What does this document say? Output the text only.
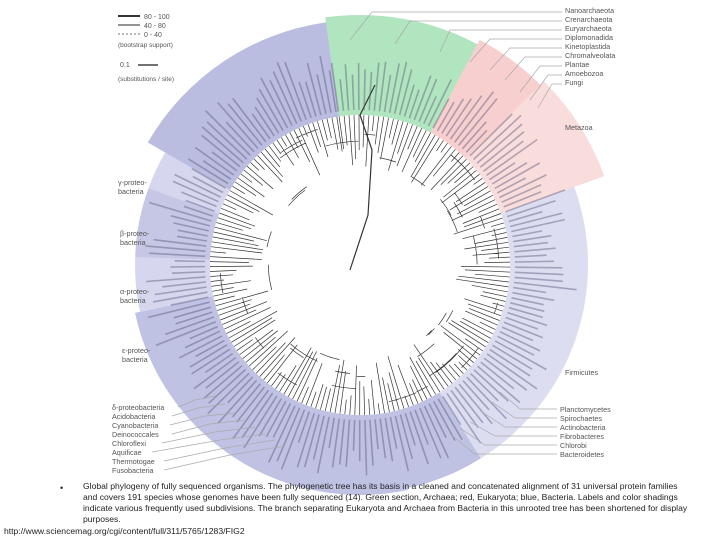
80 - 100
40 - 80
0 - 40
(bootstrap support)
0.1
(substitutions / site)
Nanoarchaeota
Crenarchaeota
Euryarchaeota
Diplomonadida
Kinetoplastida
Chromalveolata
Plantae
Amoebozoa
Fungi
Metazoa
Firmicutes
Planctomycetes
Spirochaetes
Actinobacteria
Fibrobacteres
Chlorobi
Bacteroidetes
δ-proteobacteria
Acidobacteria
Cyanobacteria
Deinococcales
Chloroflexi
Aquificae
Thermotogae
Fusobacteria
γ-proteo-
bacteria
β-proteo-
bacteria
α-proteo-
bacteria
ε-proteo-
bacteria
• Global phylogeny of fully sequenced organisms. The phylogenetic tree has its basis in a cleaned and concatenated alignment of 31 universal protein families and covers 191 species whose genomes have been fully sequenced (14). Green section, Archaea; red, Eukaryota; blue, Bacteria. Labels and color shadings indicate various frequently used subdivisions. The branch separating Eukaryota and Archaea from Bacteria in this unrooted tree has been shortened for display purposes.

http://www.sciencemag.org/cgi/content/full/311/5765/1283/FIG2
